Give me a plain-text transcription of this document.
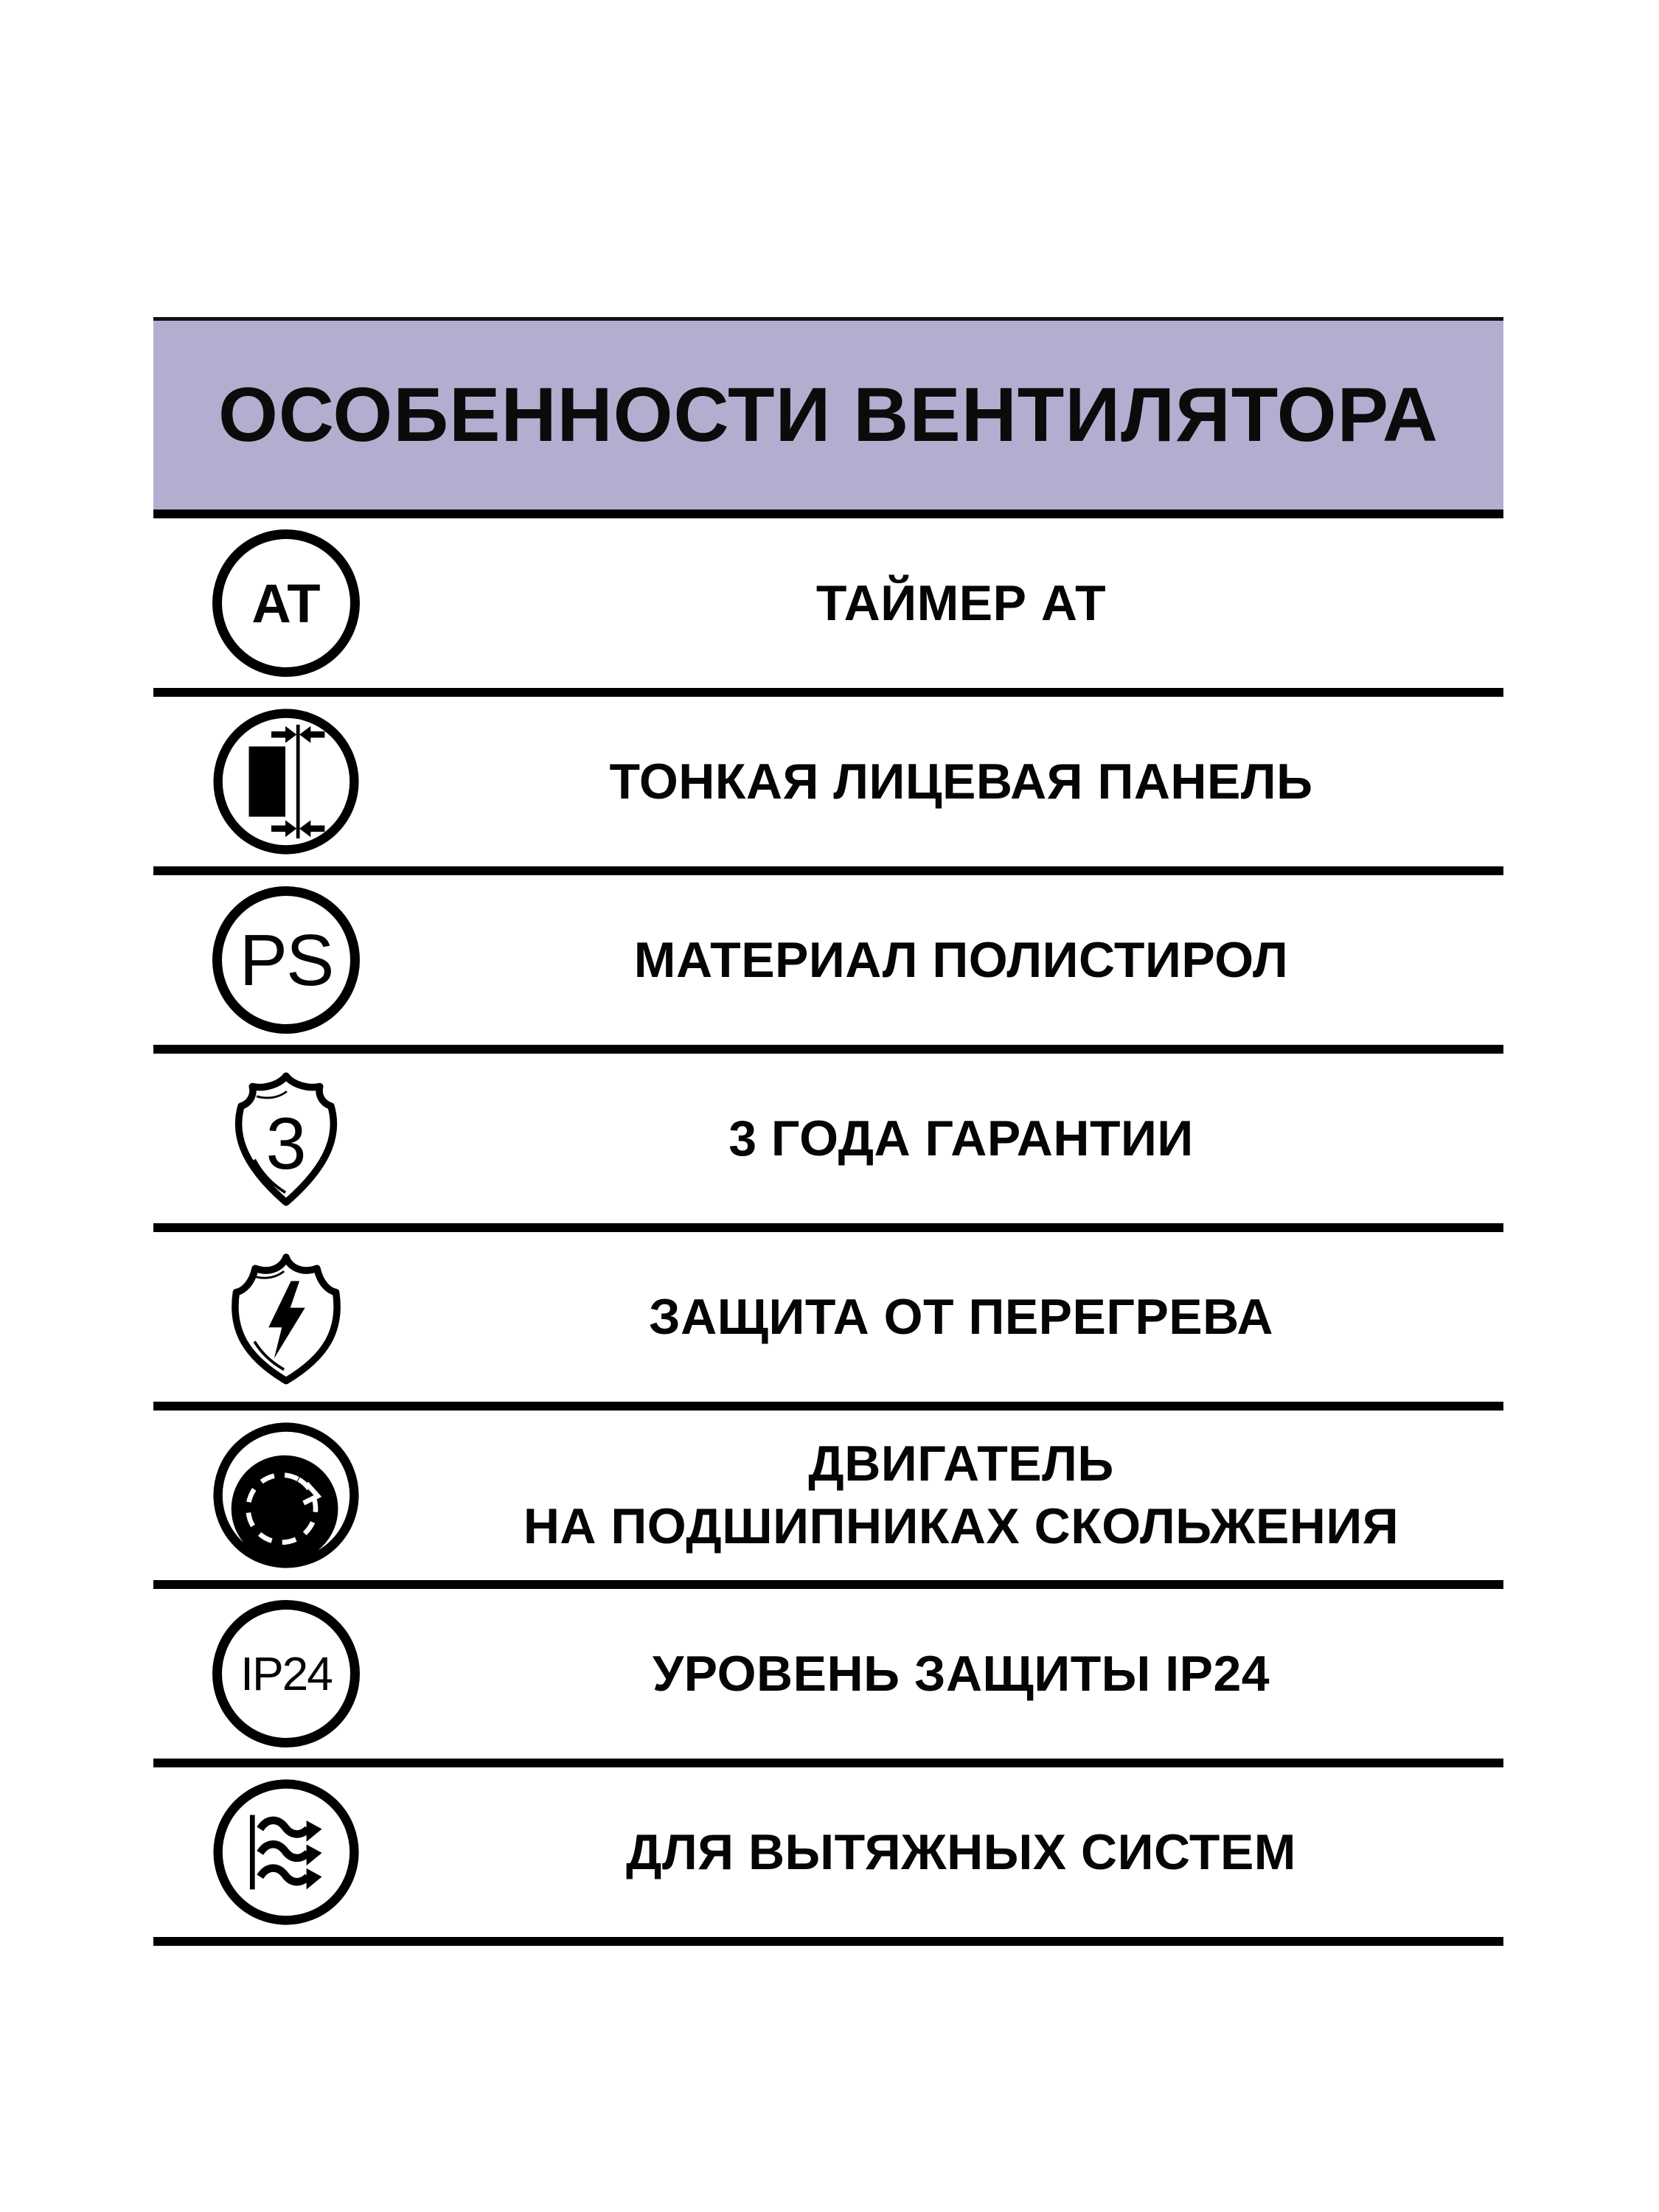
ОСОБЕННОСТИ ВЕНТИЛЯТОРА
AT	ТАЙМЕР АТ
ТОНКАЯ ЛИЦЕВАЯ ПАНЕЛЬ
PS	МАТЕРИАЛ ПОЛИСТИРОЛ
3	3 ГОДА ГАРАНТИИ
ЗАЩИТА ОТ ПЕРЕГРЕВА
ДВИГАТЕЛЬ
НА ПОДШИПНИКАХ СКОЛЬЖЕНИЯ
IP24	УРОВЕНЬ ЗАЩИТЫ IP24
ДЛЯ ВЫТЯЖНЫХ СИСТЕМ
